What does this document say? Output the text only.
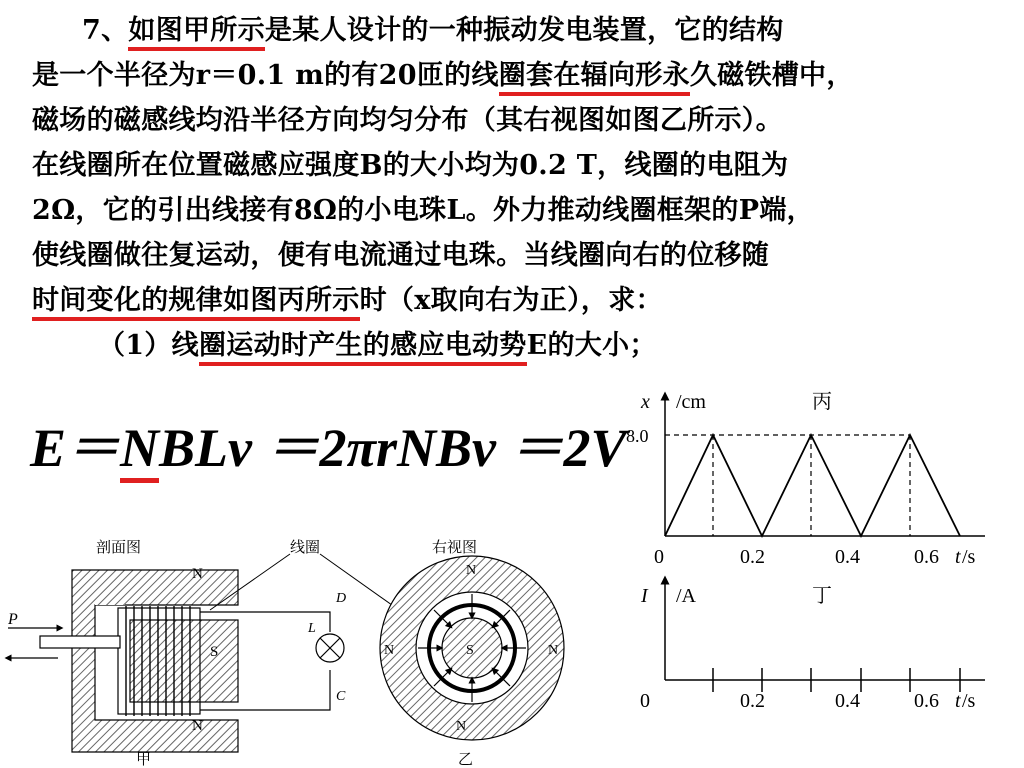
7、如图甲所示是某人设计的一种振动发电装置，它的结构

是一个半径为r＝0.1 m的有20匝的线圈套在辐向形永久磁铁槽中，

磁场的磁感线均沿半径方向均匀分布（其右视图如图乙所示）。

在线圈所在位置磁感应强度B的大小均为0.2 T，线圈的电阻为

2Ω，它的引出线接有8Ω的小电珠L。外力推动线圈框架的P端，

使线圈做往复运动，便有电流通过电珠。当线圈向右的位移随

时间变化的规律如图丙所示时（x取向右为正），求：

（1）线圈运动时产生的感应电动势E的大小；

E＝NBLv ＝2πrNBv ＝2V
P
N
S
N
剖面图
甲
D
C
L
线圈
N
N	N
N
S
右视图
乙
x /cm	丙
8.0
0	0.2	0.4	0.6 t /s
I /A	丁
0	0.2	0.4	0.6 t /s
